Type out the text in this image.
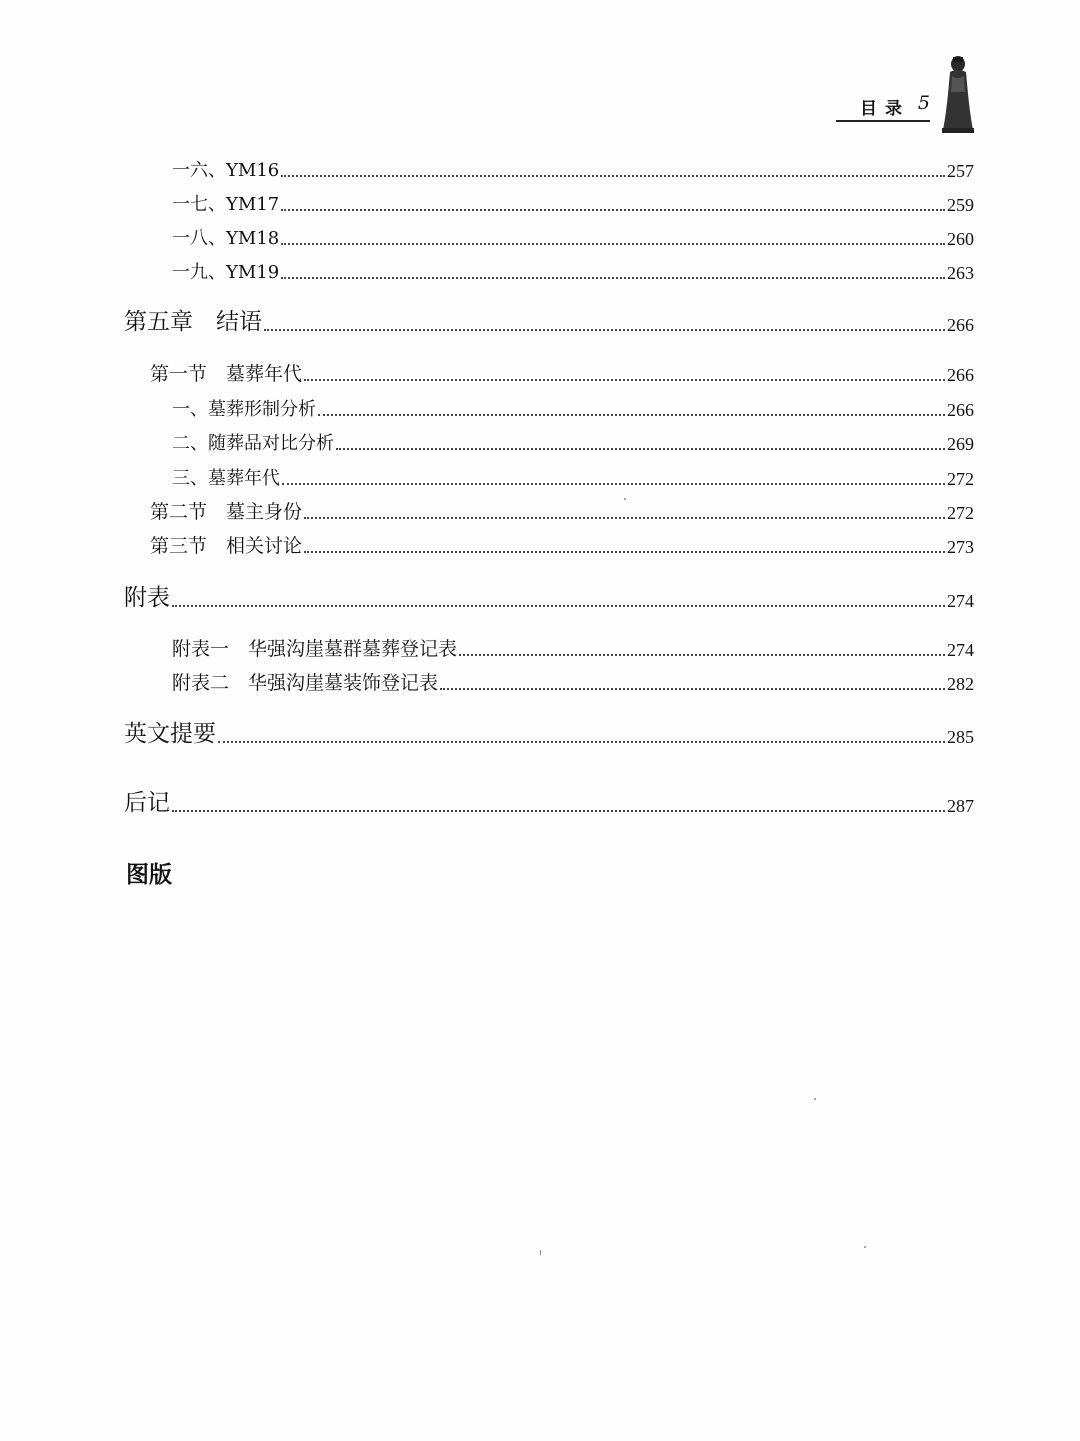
目录 5
一六、YM16	257
一七、YM17	259
一八、YM18	260
一九、YM19	263
第五章　结语	266
第一节　墓葬年代	266
一、墓葬形制分析	266
二、随葬品对比分析	269
三、墓葬年代	272
第二节　墓主身份	272
第三节　相关讨论	273
附表	274
附表一　华强沟崖墓群墓葬登记表	274
附表二　华强沟崖墓装饰登记表	282
英文提要	285
后记	287
图版
